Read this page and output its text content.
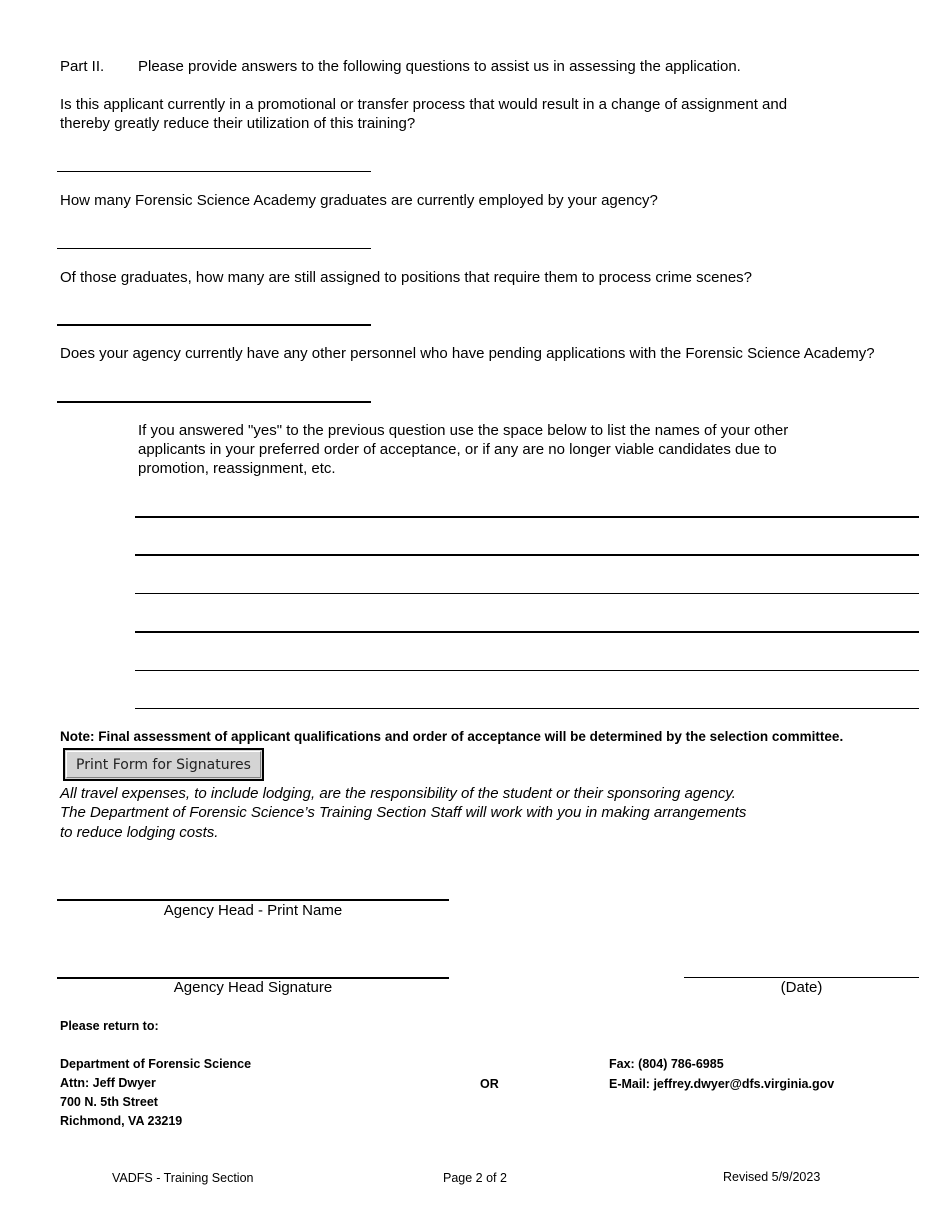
Part II. Please provide answers to the following questions to assist us in assessing the application.
Is this applicant currently in a promotional or transfer process that would result in a change of assignment and
thereby greatly reduce their utilization of this training?
How many Forensic Science Academy graduates are currently employed by your agency?
Of those graduates, how many are still assigned to positions that require them to process crime scenes?
Does your agency currently have any other personnel who have pending applications with the Forensic Science Academy?
If you answered "yes" to the previous question use the space below to list the names of your other
applicants in your preferred order of acceptance, or if any are no longer viable candidates due to
promotion, reassignment, etc.
Note: Final assessment of applicant qualifications and order of acceptance will be determined by the selection committee.
Print Form for Signatures
All travel expenses, to include lodging, are the responsibility of the student or their sponsoring agency.
The Department of Forensic Science’s Training Section Staff will work with you in making arrangements
to reduce lodging costs.
Agency Head - Print Name
Agency Head Signature	(Date)
Please return to:
Department of Forensic Science
Attn: Jeff Dwyer
700 N. 5th Street
Richmond, VA 23219
OR
Fax: (804) 786-6985
E-Mail: jeffrey.dwyer@dfs.virginia.gov
VADFS - Training Section	Page 2 of 2	Revised 5/9/2023
